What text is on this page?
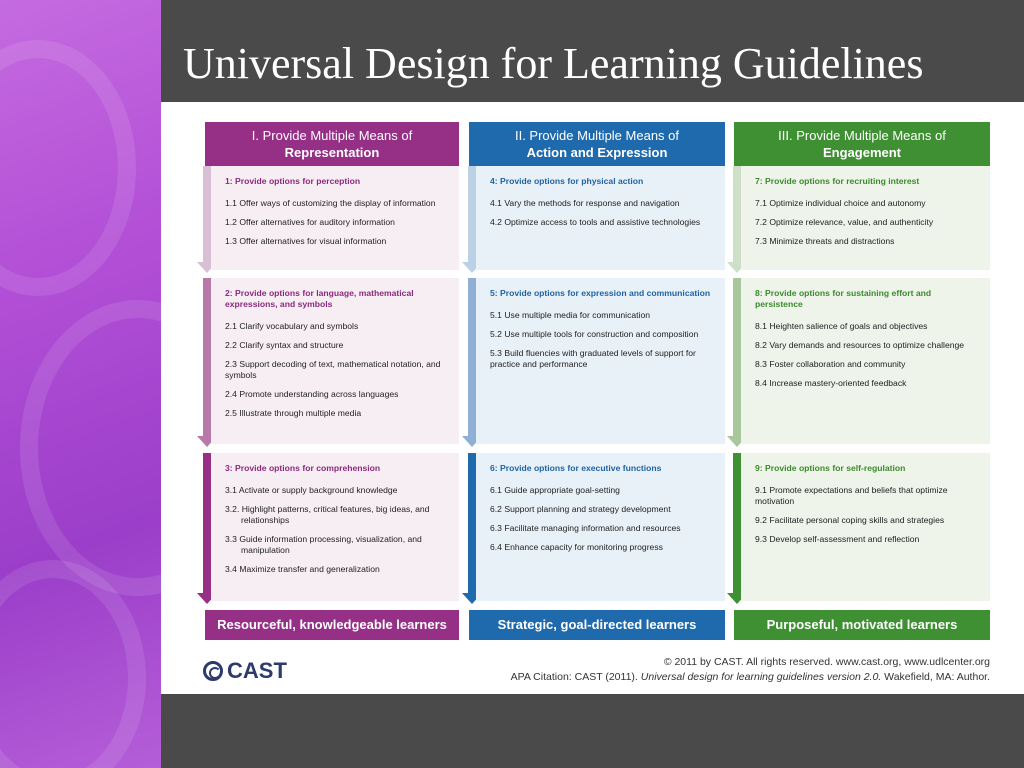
Universal Design for Learning Guidelines
I. Provide Multiple Means of
Representation
II. Provide Multiple Means of
Action and Expression
III. Provide Multiple Means of
Engagement
1: Provide options for perception
1.1 Offer ways of customizing the display of information
1.2 Offer alternatives for auditory information
1.3 Offer alternatives for visual information
2: Provide options for language, mathematical expressions, and symbols
2.1 Clarify vocabulary and symbols
2.2 Clarify syntax and structure
2.3 Support decoding of text, mathematical notation, and symbols
2.4 Promote understanding across languages
2.5 Illustrate through multiple media
3: Provide options for comprehension
3.1 Activate or supply background knowledge
3.2. Highlight patterns, critical features, big ideas, and relationships
3.3 Guide information processing, visualization, and manipulation
3.4 Maximize transfer and generalization
4: Provide options for physical action
4.1 Vary the methods for response and navigation
4.2 Optimize access to tools and assistive technologies
5: Provide options for expression and communication
5.1 Use multiple media for communication
5.2 Use multiple tools for construction and composition
5.3 Build fluencies with graduated levels of support for practice and performance
6: Provide options for executive functions
6.1 Guide appropriate goal-setting
6.2 Support planning and strategy development
6.3 Facilitate managing information and resources
6.4 Enhance capacity for monitoring progress
7: Provide options for recruiting interest
7.1 Optimize individual choice and autonomy
7.2 Optimize relevance, value, and authenticity
7.3 Minimize threats and distractions
8: Provide options for sustaining effort and persistence
8.1 Heighten salience of goals and objectives
8.2 Vary demands and resources to optimize challenge
8.3 Foster collaboration and community
8.4 Increase mastery-oriented feedback
9: Provide options for self-regulation
9.1 Promote expectations and beliefs that optimize motivation
9.2 Facilitate personal coping skills and strategies
9.3 Develop self-assessment and reflection
Resourceful, knowledgeable learners	Strategic, goal-directed learners	Purposeful, motivated learners
CAST	© 2011 by CAST. All rights reserved. www.cast.org, www.udlcenter.org
APA Citation: CAST (2011). Universal design for learning guidelines version 2.0. Wakefield, MA: Author.
